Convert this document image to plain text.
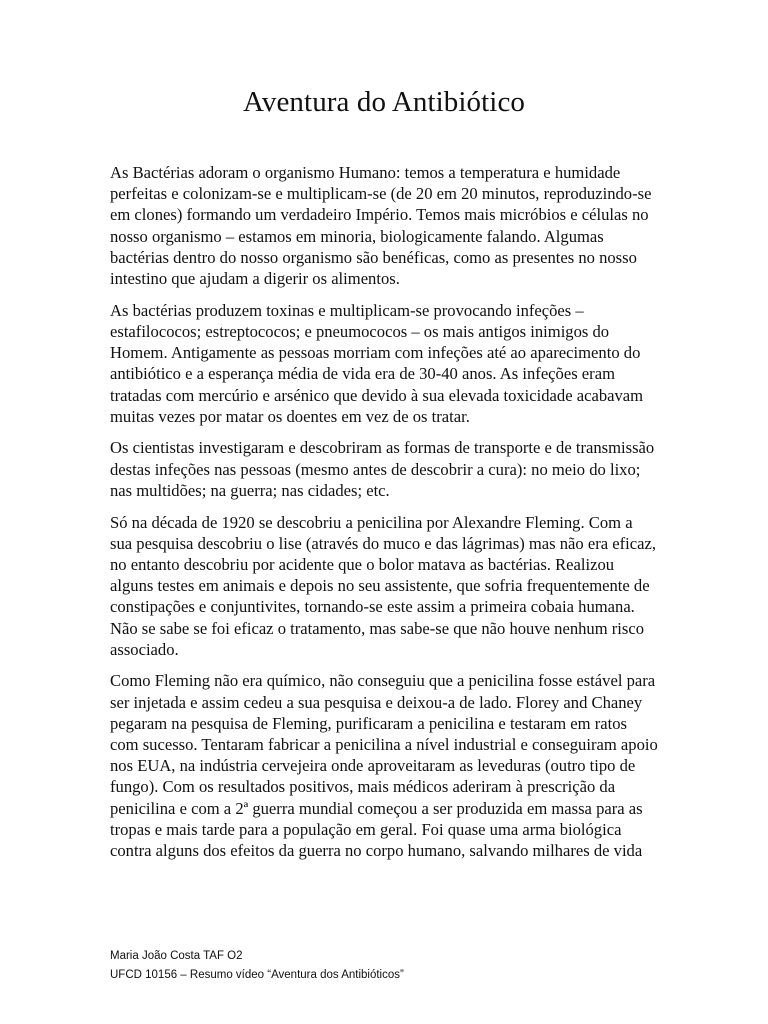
Aventura do Antibiótico

As Bactérias adoram o organismo Humano: temos a temperatura e humidade perfeitas e colonizam-se e multiplicam-se (de 20 em 20 minutos, reproduzindo-se em clones) formando um verdadeiro Império. Temos mais micróbios e células no nosso organismo – estamos em minoria, biologicamente falando. Algumas bactérias dentro do nosso organismo são benéficas, como as presentes no nosso intestino que ajudam a digerir os alimentos.

As bactérias produzem toxinas e multiplicam-se provocando infeções – estafilococos; estreptococos; e pneumococos – os mais antigos inimigos do Homem. Antigamente as pessoas morriam com infeções até ao aparecimento do antibiótico e a esperança média de vida era de 30-40 anos. As infeções eram tratadas com mercúrio e arsénico que devido à sua elevada toxicidade acabavam muitas vezes por matar os doentes em vez de os tratar.

Os cientistas investigaram e descobriram as formas de transporte e de transmissão destas infeções nas pessoas (mesmo antes de descobrir a cura): no meio do lixo; nas multidões; na guerra; nas cidades; etc.

Só na década de 1920 se descobriu a penicilina por Alexandre Fleming. Com a sua pesquisa descobriu o lise (através do muco e das lágrimas) mas não era eficaz, no entanto descobriu por acidente que o bolor matava as bactérias. Realizou alguns testes em animais e depois no seu assistente, que sofria frequentemente de constipações e conjuntivites, tornando-se este assim a primeira cobaia humana. Não se sabe se foi eficaz o tratamento, mas sabe-se que não houve nenhum risco associado.

Como Fleming não era químico, não conseguiu que a penicilina fosse estável para ser injetada e assim cedeu a sua pesquisa e deixou-a de lado. Florey and Chaney pegaram na pesquisa de Fleming, purificaram a penicilina e testaram em ratos com sucesso. Tentaram fabricar a penicilina a nível industrial e conseguiram apoio nos EUA, na indústria cervejeira onde aproveitaram as leveduras (outro tipo de fungo). Com os resultados positivos, mais médicos aderiram à prescrição da penicilina e com a 2ª guerra mundial começou a ser produzida em massa para as tropas e mais tarde para a população em geral. Foi quase uma arma biológica contra alguns dos efeitos da guerra no corpo humano, salvando milhares de vida

Maria João Costa TAF O2
UFCD 10156 – Resumo vídeo “Aventura dos Antibióticos”
